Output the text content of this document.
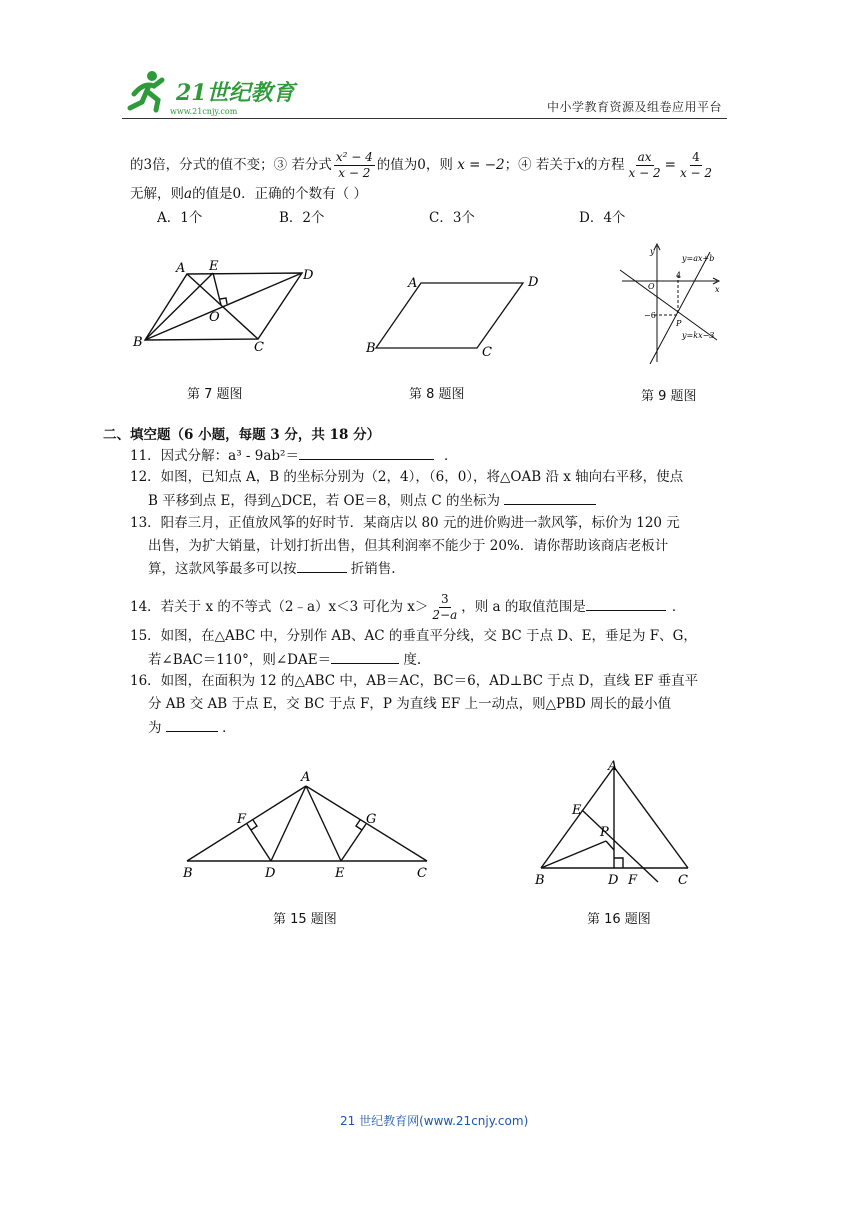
21世纪教育
www.21cnjy.com	中小学教育资源及组卷应用平台
的3倍，分式的值不变；③ 若分式 $\frac{\text{x² − 4}}{x - 2}$ 的值为0，则 x = −2；④ 若关于x的方程 $\frac{ax}{x - 2} = \frac{4}{x - 2}$
无解，则a的值是0．正确的个数有（ ）
A．1个	B．2个	C．3个	D．4个
A E
D
O
B	C
第 7 题图
A	D
B	C
第 8 题图
y
x
O
4
−6
P
y=ax+b
y=kx−3
第 9 题图
二、填空题（6 小题，每题 3 分，共 18 分）
11．因式分解：a³ - 9ab²＝	．
12．如图，已知点 A，B 的坐标分别为（2，4），（6，0），将△OAB 沿 x 轴向右平移，使点
B 平移到点 E，得到△DCE，若 OE＝8，则点 C 的坐标为
13．阳春三月，正值放风筝的好时节．某商店以 80 元的进价购进一款风筝，标价为 120 元
出售，为扩大销量，计划打折出售，但其利润率不能少于 20%．请你帮助该商店老板计
算，这款风筝最多可以按	折销售.
14．若关于 x 的不等式（2﹣a）x＜3 可化为 $x> \frac{3}{2-a}$ ，则 a 的取值范围是	．
15．如图，在△ABC 中，分别作 AB、AC 的垂直平分线，交 BC 于点 D、E，垂足为 F、G，
若∠BAC＝110°，则∠DAE＝	度.
16．如图，在面积为 12 的△ABC 中，AB＝AC，BC＝6，AD⊥BC 于点 D，直线 EF 垂直平
分 AB 交 AB 于点 E，交 BC 于点 F，P 为直线 EF 上一动点，则△PBD 周长的最小值
为	．
A
F	G
B	D	E	C
第 15 题图
A
E
P
B	D F	C
第 16 题图
21 世纪教育网(www.21cnjy.com)
